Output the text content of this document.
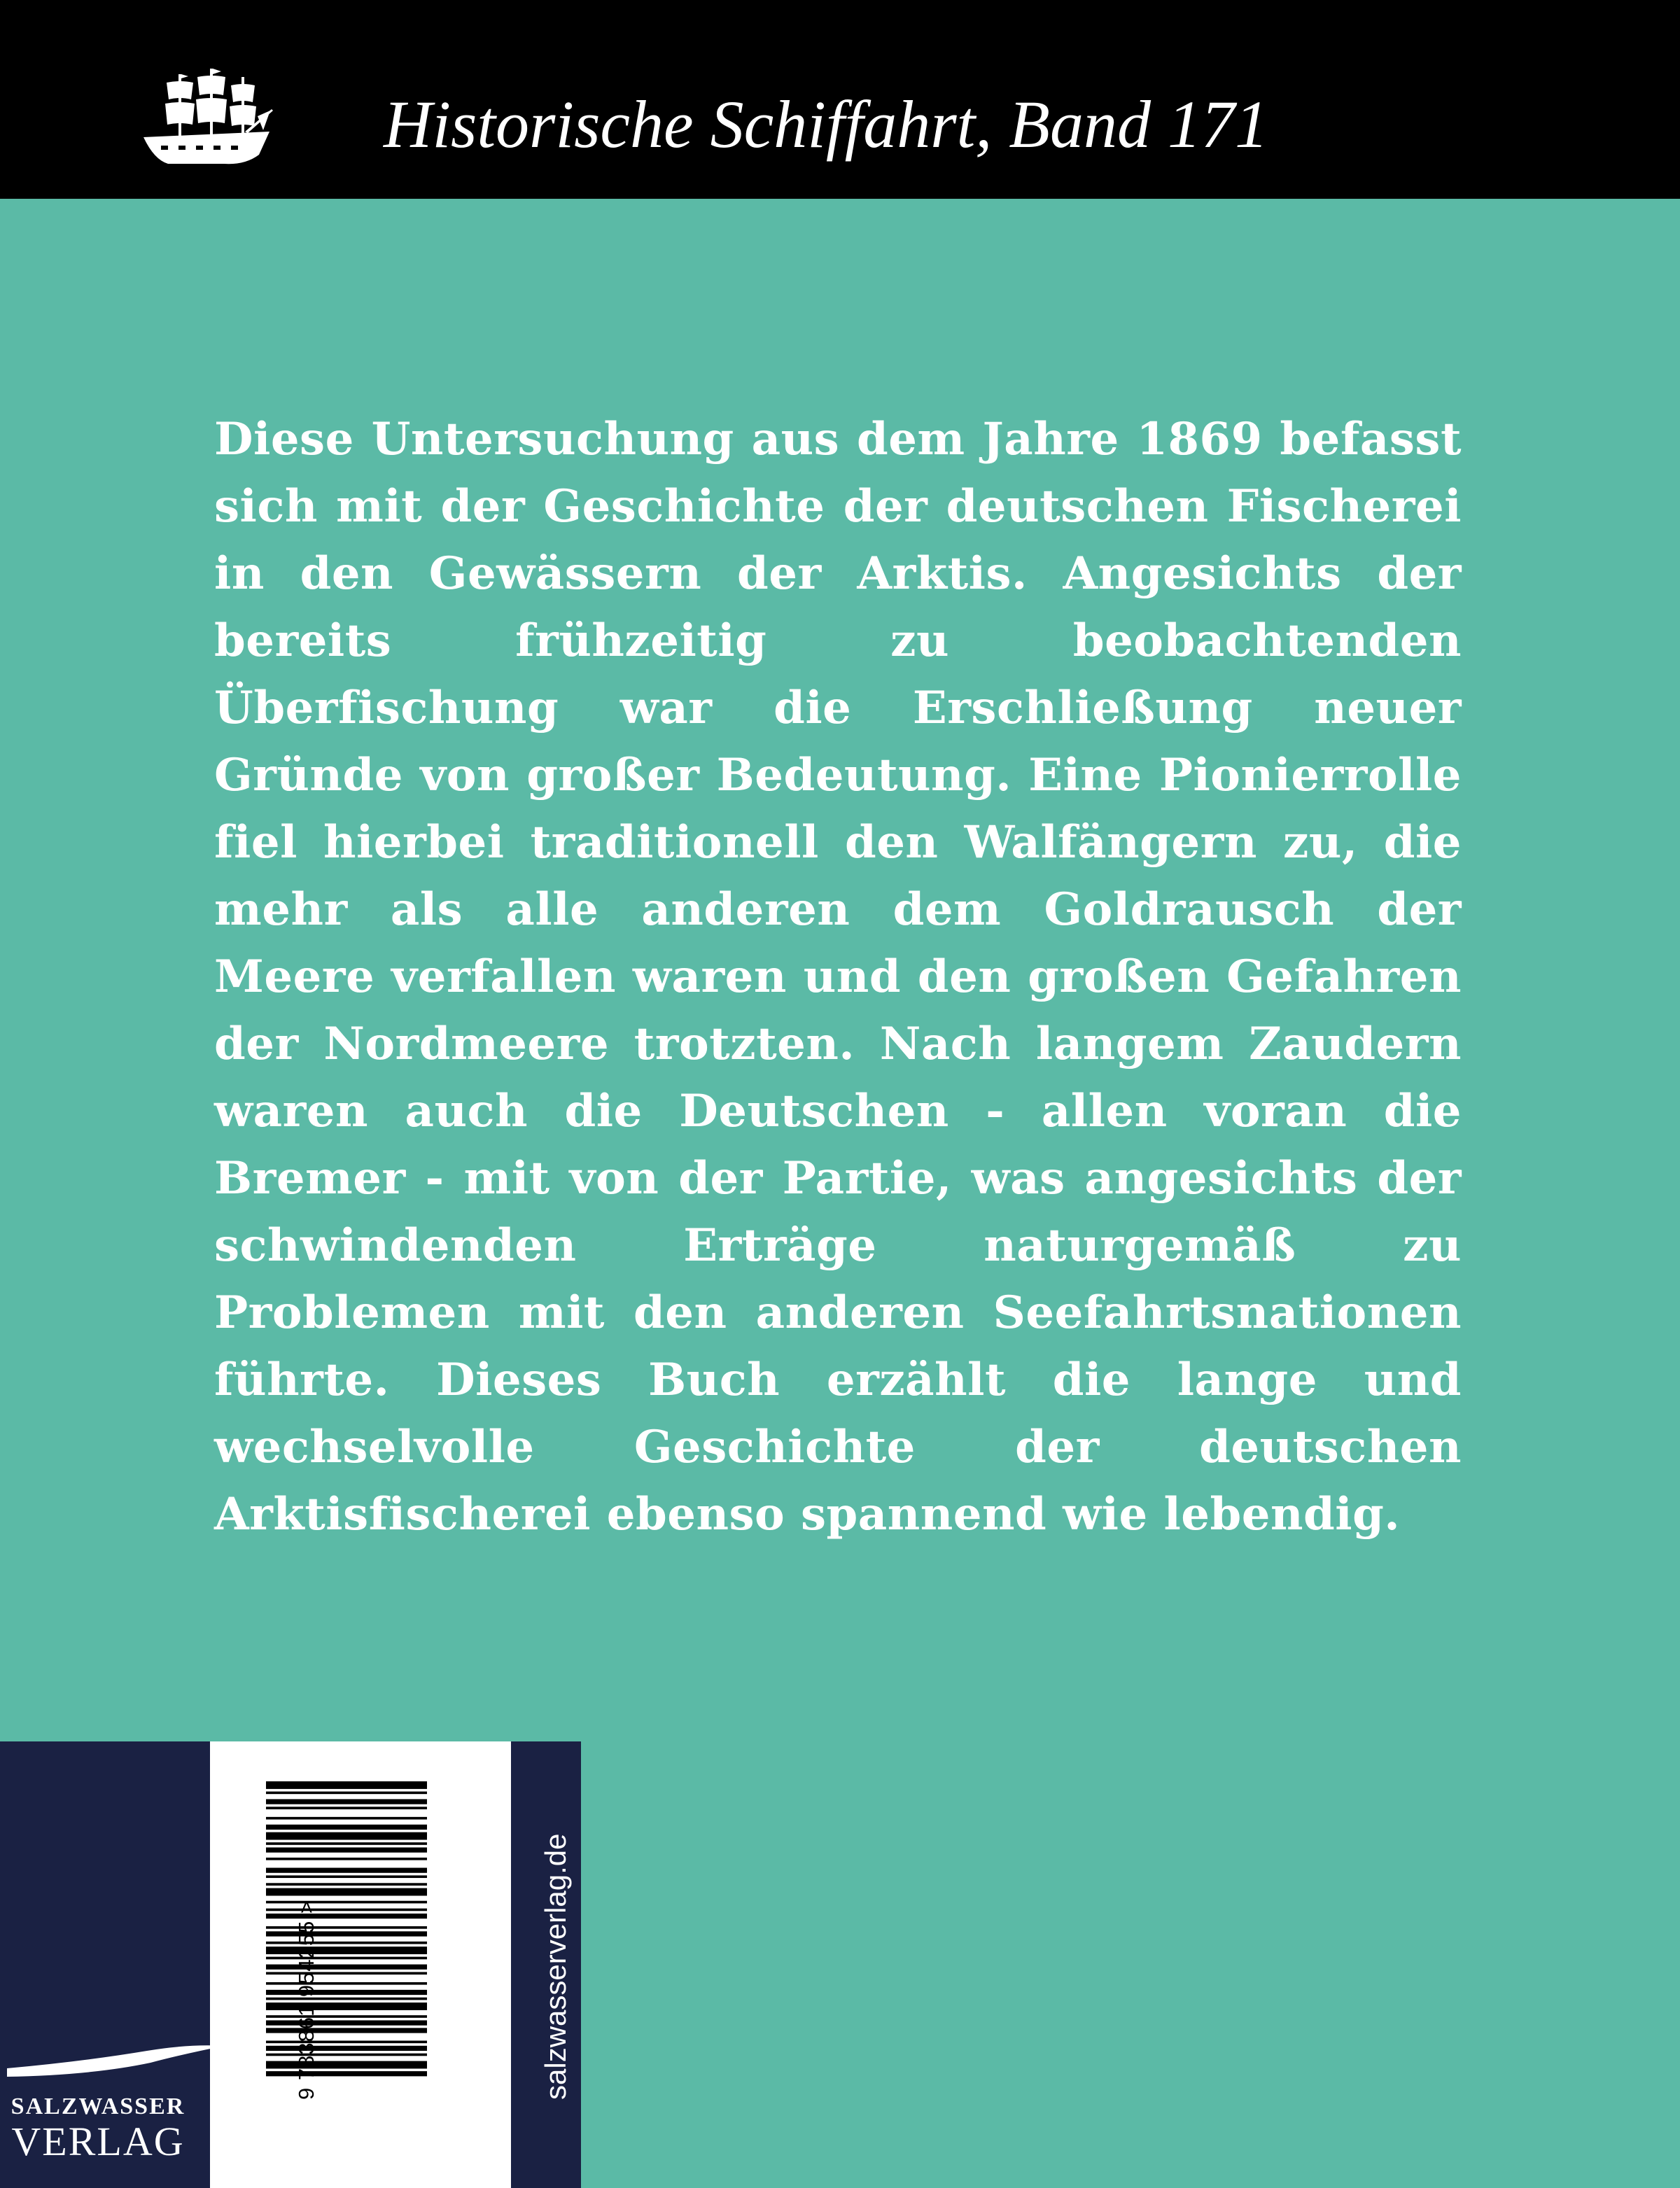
Historische Schiffahrt, Band 171

Diese Untersuchung aus dem Jahre 1869 befasst sich mit der Geschichte der deutschen Fischerei in den Gewässern der Arktis. Angesichts der bereits frühzeitig zu beobachtenden Überfischung war die Erschließung neuer Gründe von großer Bedeutung. Eine Pionierrolle fiel hierbei traditionell den Walfängern zu, die mehr als alle anderen dem Goldrausch der Meere verfallen waren und den großen Gefahren der Nordmeere trotzten. Nach langem Zaudern waren auch die Deutschen - allen voran die Bremer - mit von der Partie, was angesichts der schwindenden Erträge naturgemäß zu Problemen mit den anderen Seefahrtsnationen führte. Dieses Buch erzählt die lange und wechselvolle Geschichte der deutschen Arktisfischerei ebenso spannend wie lebendig.

9 783861 954255 >	salzwasserverlag.de
SALZWASSER
VERLAG
